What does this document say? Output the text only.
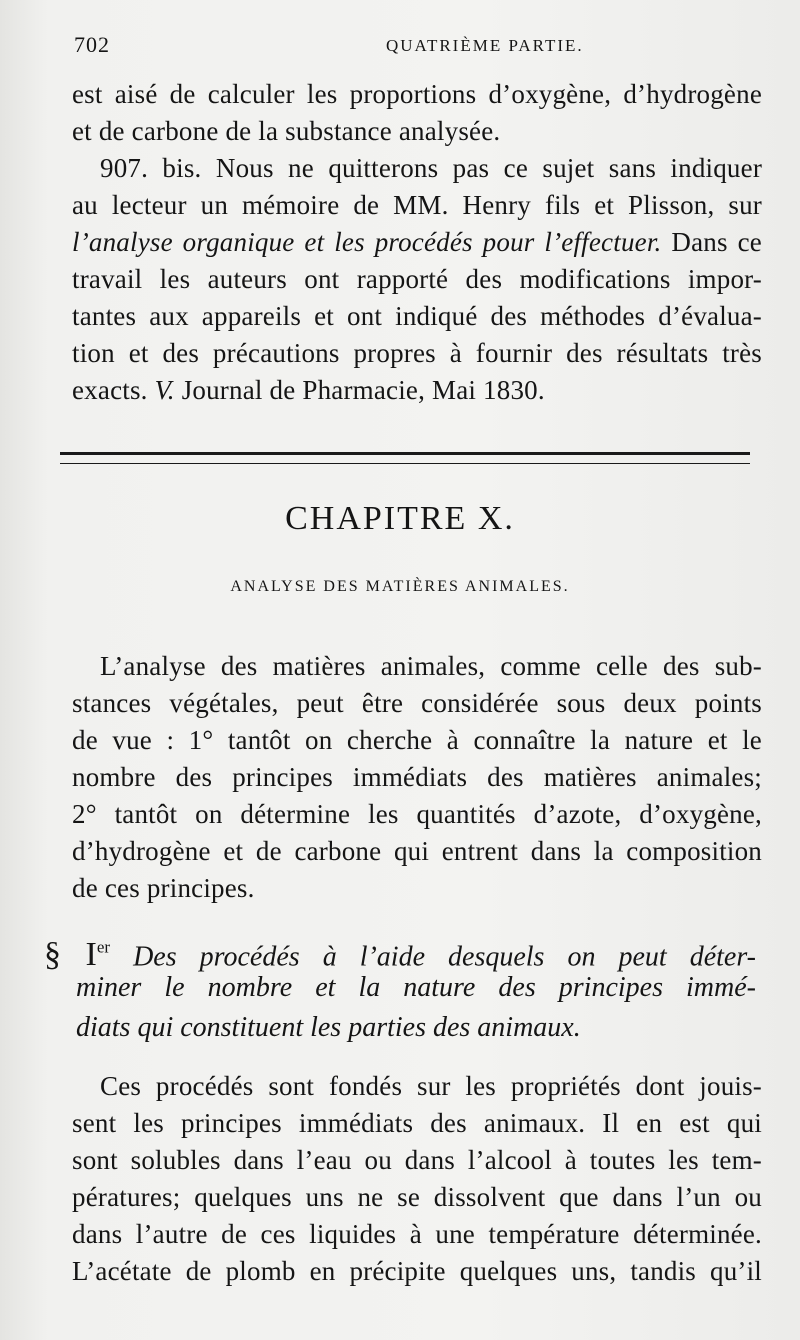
702	QUATRIÈME PARTIE.
est aisé de calculer les proportions d’oxygène, d’hydrogène
et de carbone de la substance analysée.
907. bis. Nous ne quitterons pas ce sujet sans indiquer
au lecteur un mémoire de MM. Henry fils et Plisson, sur
l’analyse organique et les procédés pour l’effectuer. Dans ce
travail les auteurs ont rapporté des modifications impor-
tantes aux appareils et ont indiqué des méthodes d’évalua-
tion et des précautions propres à fournir des résultats très
exacts. V. Journal de Pharmacie, Mai 1830.
CHAPITRE X.
ANALYSE DES MATIÈRES ANIMALES.
L’analyse des matières animales, comme celle des sub-
stances végétales, peut être considérée sous deux points
de vue : 1° tantôt on cherche à connaître la nature et le
nombre des principes immédiats des matières animales;
2° tantôt on détermine les quantités d’azote, d’oxygène,
d’hydrogène et de carbone qui entrent dans la composition
de ces principes.
§ Ier Des procédés à l’aide desquels on peut déter-
miner le nombre et la nature des principes immé-
diats qui constituent les parties des animaux.
Ces procédés sont fondés sur les propriétés dont jouis-
sent les principes immédiats des animaux. Il en est qui
sont solubles dans l’eau ou dans l’alcool à toutes les tem-
pératures; quelques uns ne se dissolvent que dans l’un ou
dans l’autre de ces liquides à une température déterminée.
L’acétate de plomb en précipite quelques uns, tandis qu’il
